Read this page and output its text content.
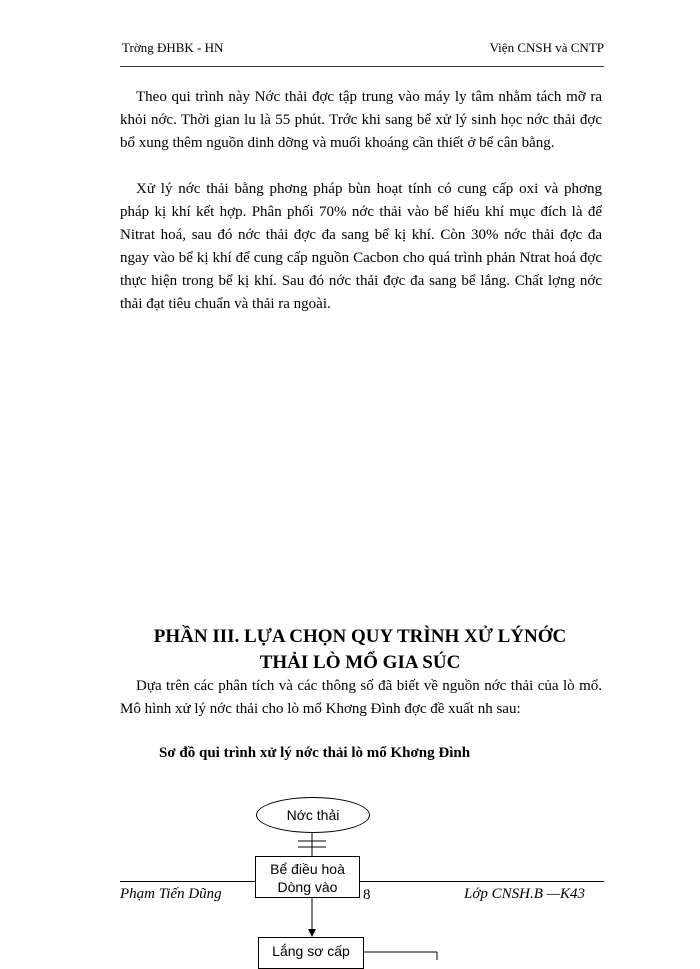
Trờng ĐHBK - HN	Viện CNSH và CNTP

Theo qui trình này Nớc thải đợc tập trung vào máy ly tâm nhằm tách mỡ ra khỏi nớc. Thời gian lu là 55 phút. Trớc khi sang bể xử lý sinh học nớc thải đợc bổ xung thêm nguồn dinh dỡng và muối khoáng cần thiết ở bể cân bằng.

Xử lý nớc thải bằng phơng pháp bùn hoạt tính có cung cấp oxi và phơng pháp kị khí kết hợp. Phân phối 70% nớc thải vào bể hiếu khí mục đích là để Nitrat hoá, sau đó nớc thải đợc đa sang bể kị khí. Còn 30% nớc thải đợc đa ngay vào bể kị khí để cung cấp nguồn Cacbon cho quá trình phản Ntrat hoá đợc thực hiện trong bể kị khí. Sau đó nớc thải đợc đa sang bể lắng. Chất lợng nớc thải đạt tiêu chuẩn và thải ra ngoài.

PHẦN III. LỰA CHỌN QUY TRÌNH XỬ LÝNỚC
THẢI LÒ MỔ GIA SÚC

Dựa trên các phân tích và các thông số đã biết về nguồn nớc thải của lò mổ. Mô hình xử lý nớc thải cho lò mổ Khơng Đình đợc đề xuất nh sau:

Sơ đồ qui trình xử lý nớc thải lò mổ Khơng Đình

Nớc thải
Phạm Tiến Dũng	8	Lớp CNSH.B —K43
Bể điều hoà
Dòng vào
Lắng sơ cấp
